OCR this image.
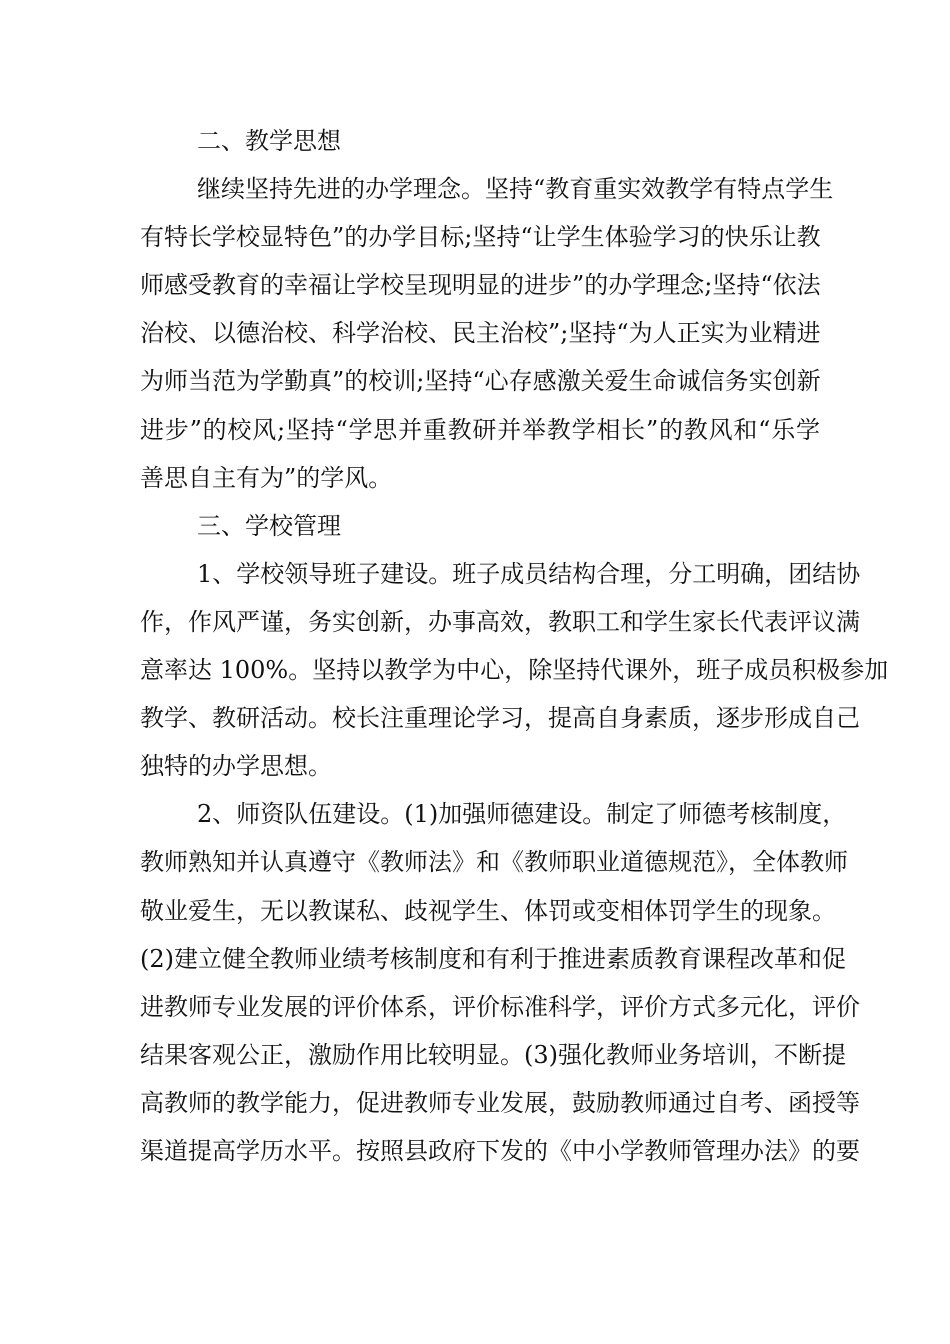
二、教学思想
继续坚持先进的办学理念。坚持“教育重实效教学有特点学生
有特长学校显特色”的办学目标;坚持“让学生体验学习的快乐让教
师感受教育的幸福让学校呈现明显的进步”的办学理念;坚持“依法
治校、以德治校、科学治校、民主治校”;坚持“为人正实为业精进
为师当范为学勤真”的校训;坚持“心存感激关爱生命诚信务实创新
进步”的校风;坚持“学思并重教研并举教学相长”的教风和“乐学
善思自主有为”的学风。
三、学校管理
1、学校领导班子建设。班子成员结构合理，分工明确，团结协
作，作风严谨，务实创新，办事高效，教职工和学生家长代表评议满
意率达 100%。坚持以教学为中心，除坚持代课外，班子成员积极参加
教学、教研活动。校长注重理论学习，提高自身素质，逐步形成自己
独特的办学思想。
2、师资队伍建设。(1)加强师德建设。制定了师德考核制度，
教师熟知并认真遵守《教师法》和《教师职业道德规范》，全体教师
敬业爱生，无以教谋私、歧视学生、体罚或变相体罚学生的现象。
(2)建立健全教师业绩考核制度和有利于推进素质教育课程改革和促
进教师专业发展的评价体系，评价标准科学，评价方式多元化，评价
结果客观公正，激励作用比较明显。(3)强化教师业务培训，不断提
高教师的教学能力，促进教师专业发展，鼓励教师通过自考、函授等
渠道提高学历水平。按照县政府下发的《中小学教师管理办法》的要
